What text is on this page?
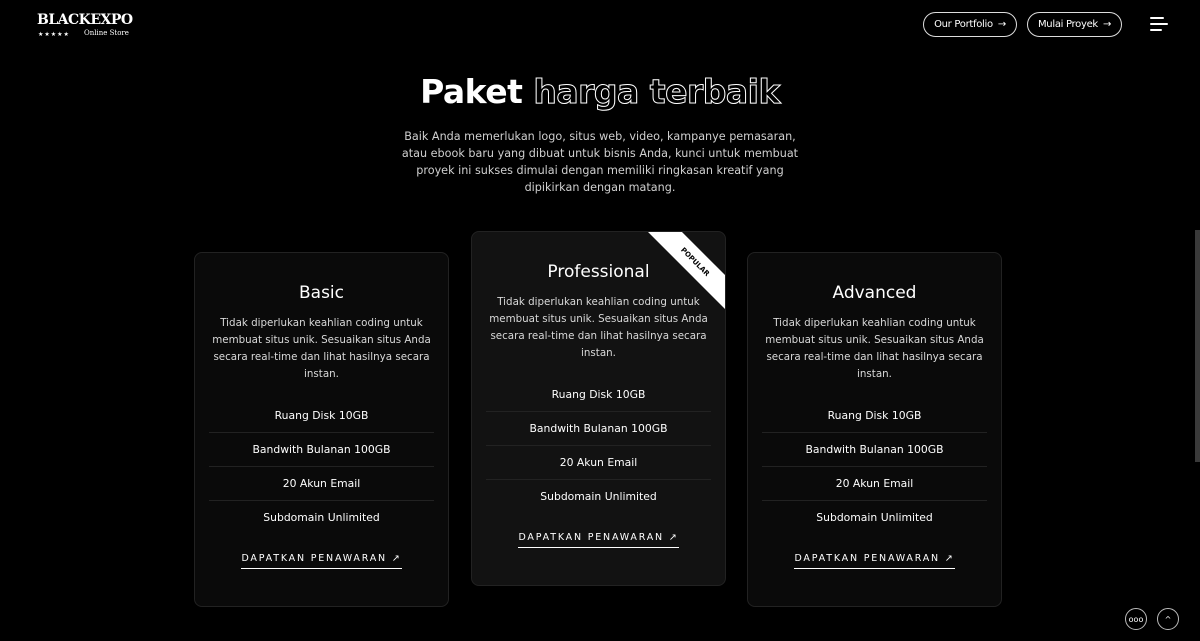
BLACKEXPO
★★★★★ Online Store
Our Portfolio →	Mulai Proyek →
Paket harga terbaik

Baik Anda memerlukan logo, situs web, video, kampanye pemasaran, atau ebook baru yang dibuat untuk bisnis Anda, kunci untuk membuat proyek ini sukses dimulai dengan memiliki ringkasan kreatif yang dipikirkan dengan matang.

Basic

Tidak diperlukan keahlian coding untuk membuat situs unik. Sesuaikan situs Anda secara real-time dan lihat hasilnya secara instan.

Ruang Disk 10GB
Bandwith Bulanan 100GB
20 Akun Email
Subdomain Unlimited
DAPATKAN PENAWARAN ↗
POPULAR
Professional

Tidak diperlukan keahlian coding untuk membuat situs unik. Sesuaikan situs Anda secara real-time dan lihat hasilnya secara instan.

Ruang Disk 10GB
Bandwith Bulanan 100GB
20 Akun Email
Subdomain Unlimited
DAPATKAN PENAWARAN ↗
Advanced

Tidak diperlukan keahlian coding untuk membuat situs unik. Sesuaikan situs Anda secara real-time dan lihat hasilnya secara instan.

Ruang Disk 10GB
Bandwith Bulanan 100GB
20 Akun Email
Subdomain Unlimited
DAPATKAN PENAWARAN ↗
ooo	^
